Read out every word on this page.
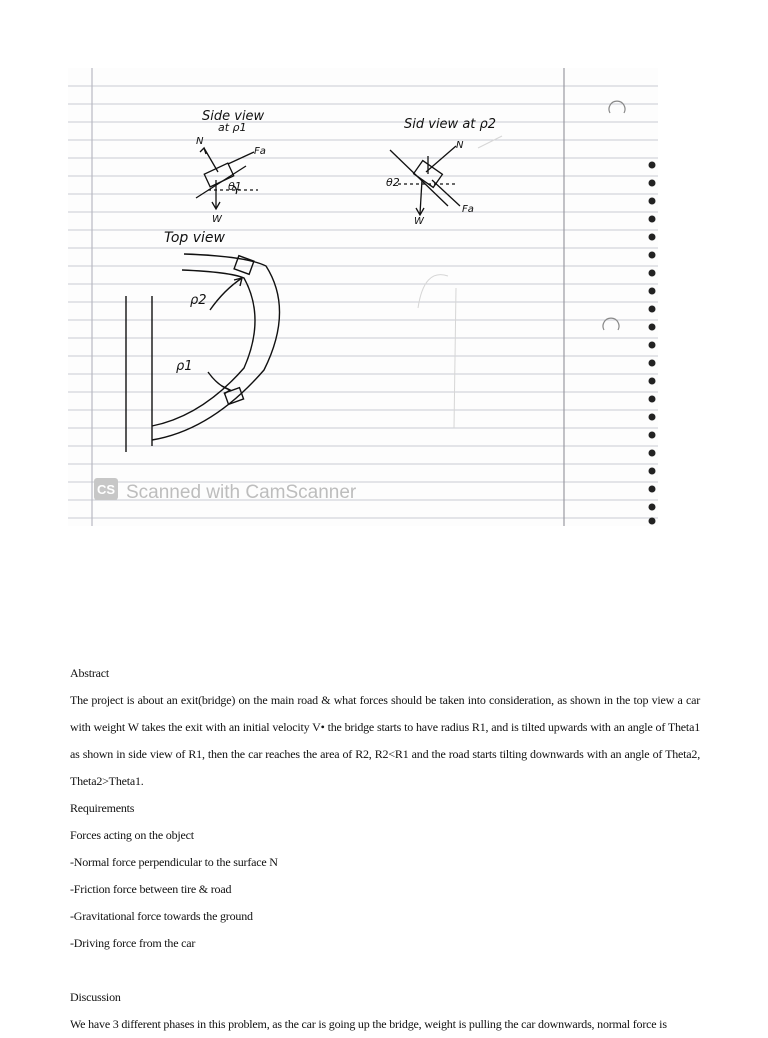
Side view
at ρ1
N
Fa
W
θ1
Sid view at ρ2
N
Fa
W
θ2
Top view
ρ2
ρ1
CS Scanned with CamScanner

Abstract

The project is about an exit(bridge) on the main road & what forces should be taken into consideration, as shown in the top view a car with weight W takes the exit with an initial velocity V• the bridge starts to have radius R1, and is tilted upwards with an angle of Theta1 as shown in side view of R1, then the car reaches the area of R2, R2<R1 and the road starts tilting downwards with an angle of Theta2, Theta2>Theta1.

Requirements

Forces acting on the object

-Normal force perpendicular to the surface N

-Friction force between tire & road

-Gravitational force towards the ground

-Driving force from the car

Discussion

We have 3 different phases in this problem, as the car is going up the bridge, weight is pulling the car downwards, normal force is
